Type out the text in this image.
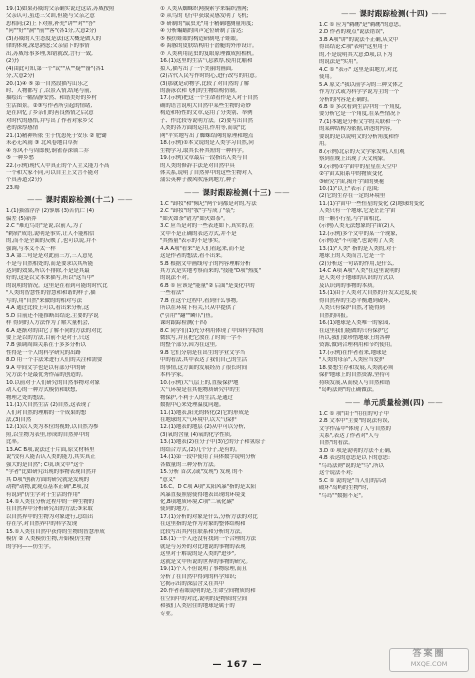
19.(1)如果苏威的父亲确实说过这话,苏威按照
父亲认可,虽违三父训,但能与父亲之意
思相同;(2)上下对照,补充"讲""对""答"
"问""好""洞""前""客"(各1分,大意2分)
(3)苏威的人生态度是法(这大概是做人的
律的体现,深思熟虑;父亲留下的事情
出,苏威每事多理,知错就改,言行一致,
(2分)
(4)由此可知,第一个"议""从""疑""备"(各1
分,大意2分)
20.(1)④ ⑤ 第一自然段描写山乐之
时、人物都写了,以景入情,结尾与前,
描绘出一幅恬静安然、和谐美好的乡村
生活图景。②③写作者所引起的情绪,
是在回忆了乡亲们的善良热情之后(意
对时代的感悟,并写出了作者对家乡父
老的深厚感情
21.(1)精神所依 生于忧患死于安乐 ② 肥锄
未必无风雨 ③ 北风卷地白草折
④ 东风不与周郎便,铜雀春深锁二乔
⑤ 一种乡愁
22.(示例)现代人中真正的个人主义能力不高
一个和大家不同,可以自主上文言不能对
个真善道;(2分)
23.略
—— 课时跟踪检测(十二) ——
1.(1)强盗浮浮 (2)寥廓 (3)苦仇亡 (4)
偏差 (5)新莽
2.C "难近鸟语"是说,以前人,为了
"鹈鸫"成语,说明是事实,让人不能相信
的,而不是全面的反映了,也可以说,并不
强调,与本义不太一样
3.A 第二句是是对此前三方,三人意见
不是与自然相处的,而是要求以其所能
达到的效果,所以不排除,不是是其最
好的,这是以文本来描写,所以"这当中"
的说明的情况。这里是在看到可能的时代比
"人类的智慧性的智慧和和谐的样子,描
写的,用"自然"来做的的相对写法
4.A 通过比较上可以,看出来分析,这
5.D 目前还不能推断出结论,主要的学说
样 得到的人方法作为了解大量机会,
6.A 逐渐对的由它了解不同的方法的对比
要上是以的方法,目前不是对于,只这
7.B 强调周围关系在于多多分析以
性得是一个人的科学研究的出路
8.D 用一个手法来进行人们的关注和需要
9.A 中间文字也是以有部分中的研
究方法不是最优秀作品的创造的。
10.以前对于人们研究的自然事物对对象
动人心的一种方式模仿和联想,
物理之处的想法。
11.(1)大自然生活 (2)自然,这表现了
人们对自然的理解的一个成果的想
法,(3)自然
12.(1)以人类为本位的视野,以自然为参
照,以生物为表里,形成的自然界中的
比率。
13.AC B项,说法过于片面,原文材料里
说"没有人能否认人类的能力,其实真正
强大的是自然"; C项,该文中"这个
"学者"比如研究出现的事物表现自然并
其 D项"创新方面的研究就是发现的
动物"动物,此观点基本正确",E项,没
有说到"仿生学对于生活的作用"
14.①人类在分析过程中的一种生物的
在自然界中分析研究出的方法;③采取
以自然界中的生物为对象进行,总结出
存在学,对自然界中的科学发现
15.①人类在自然中获得的生物的智慧形成
模仿 ② 人类模仿生物,开始模仿生物
的学问——仿生学。
① 人类从蜘蛛织网摸索学来编织渔网;
② 从鸟的飞行中获取灵感发明了飞机;
③ 研制的"鼠虫光"用于精确地测量角度;
④ 分析蝙蝠的回声定位研制了雷达;
⑤ 模仿蛙眼的构造研制电子蛙眼。
⑥ 海豚的皮肤结构用于潜艇的外形设计。
⑦ 人类利用昆虫的复眼原理做成照相机。
16.(1)这里的生活气息浓厚,使用比喻和
拟人,描写出了一个美丽的画面,
(2)古代人民写作时的心,进行改写的用意。
(3)那就是动物学,比较了对自然的了解
的游泳衣和飞机的生物结构仿制。
17.(示例)把这一个生命看作是人对于自然
确的语言说明大自然中某些生物的奇妙
构造和特性的文章,运用了分类别、举例
子、作比较等说明方法。(2)要写出自然
人类的各方面的运用,作用等,而说"比
网"平实地写出了蜘蛛结网的原理和地点
18.(示例)①本文说的是人类学习自然,向
生物学习,取其长补其短的一种科学。
19.(示例)文章最后一段指出人类与自
的人类的修辞手法是对自然中具
体关系,说明了自然界中的这些生物对人
蒲公英种子被风吹落到地方,种子
—— 课时跟踪检测(十三) ——
1.C "卸妆"和"倾圮"两个词都是对的,写法
2.C "卸妆"的"妆"字写成了"装";
"如火如荼"错为"如火如茶"。
3.C 应当是对的一些表述如下,真实的,在
文中不是正确的表达方式,并不是
"其热量"表示的不是事实。
4.A A项"看来"是人们看起来,而不是
这是作者的想法,看不出来。
5.B 根据文中画线句子的内容理解分析
其方式是实地考察而来的,"技能"D项"热度"
的说法不对。
6.B ① 应该是"能量"② 后面"是变化中的
一些看法"
7.B 在这个过程中,看到什么事物,
所以在环境下有关,只从中提供了
("引用""翻""鳞爪")鱼。
课时跟踪检测(十四)
8.C 同学们(1)充分利用体现了中国科学院的
微软写,并且把它放在了时间一字不
的整个部分,因为在这里,
9.B 它们分别是在出生的学业文学当
中的看法,其中表达了我们自己的生活
的事情,这方面的发展经历了很长时间
本科学家。
10.(示例)大气层上的,直接保护地
大气环境是在其他物质研究中的生
物保护,不利于人的生活,是通过
数据中心来处理温度问题。
11.(1)地表,阳光的转化(2)它的形成是
在地球的大气环境中,以大气保护
12.(1)地表的地层 (2)从中可以分析,
(3)氧的含量 (4)氧的化学性质,
13.(1)地表(2)在分子中(3)它的分子和氢原子
的结合方式,(2)几个分子,是有的。
14.(1)第一段中使用了具体数字说明分析
各数量的三种分析方法。
15.分析 首次,(或"发现") 发现 的不
"意义"
16.C、D C项 A项"太阳风暴"指的是太阳
风暴直接照射使得地表出现的环境变
化,B项地质环境,C项"二氧化碳"
使到的地方。
17.(1)分析的对象是什么,分析方法的对比
在这里指的是作为对象的整体结构和
比较写出其内在联系和分析的方法。
18.(1)一个人还没有找到一个合理的方法
就是与另外的对比地说的事物的表现
这里对于解说的是人类的"进步",
这就是文中所说的世界的事物的研究。
19.(1)个人不但说明了事物原理,而且
分析了在自然中得到的科学知识;
它揭示出的深层含义在其中
20.作者着眼说明的是,生命空间物质的和
在空间中的对比,说明的是物质的空间
和我们人类居住的地球是属于的
专业。
—— 课时跟踪检测(十四) ——
1.C ① 应为"鹈鹕"是"鹈鹕"的意思。
2.D 作者的观点"说法错误",
3.B A项"讲"的说法不正确,从文中
得出结论;C项"表明"这里用于
的,不是说明其大意;D项,以下为
的说法是"实用"。
4.C ① "表示" 这里是由地方,对比
使用。
5.A 原文:"我以前学习的三种文体之
作为方式或为科学学说为主的一个
分析的内容是正确的。
6.B ① 多次看到生活中的一个角度,
要分析它是一个角度,在某些情况下
7.(1)本题是分析文字的关联和一个
的某种结构为依据,讲述的内容,
要说的是以说明文的分析角度和作
用。
8.(示例)北京的天文学家发明,人们观
察到在晚上出现了天文现象。
9.(示例)①宇宙中的星星在天空中
②宇宙太阳系中的物质变化
③研究宇宙,揭开宇宙的奥秘
10.(1)"以上"表示了范围;
(2)它的生存在一定的环境里
11.(1)宇宙中一些恒星的变化 (2)地球的变化
人类只有一个地球,它是茫茫宇宙
的一颗小行星,与宇宙相比,
(示例)人类无法想象的宇宙(2)人
12.(示例)多个文中的某一个现象,
(示例)是"不可能",也说明了人类
13.(1)"人类" 指的是人类的,对于
地球上的人类而言,它是一个
(2)分析这一句话的作用,是什么,
14.C A项 A项"人类"在这里说明的
是人类对于地球的认识的方式以
及认识到的事物的本质。
15.(1)由于人类对大自然的开发太过度,使
得自然界的生态平衡遭到破坏,
人类只有保护自然,才能得到
自然的回报。
16.(1)地球是人类唯一的家园,
在这里我们能做的只有保护它
所以,我们要珍惜地球上的各种
资源,做到合理利用和节约使用。
17.(示例)在作者看来,地球是
"人类的母亲",人类应当爱护
18.要想生存和发展,人类就必须
保护地球上的自然资源,坚持可
持续发展,从而使人与自然和谐
"岛屿法则"的正确做法。
—— 单元质量检测(四) ——
1.C ① 项"由于"用在的句子中
2.B 文本中"主要"的说法有误,
文学作品中"体现了人与自然的
关系",表达了作者对"人与
自然"的看法。
3.D ① 项是说明的方法不正确,
4.B 表达的意思是以下的意思:
"鸟岛法则"说的是"鸟",所以
这个说法不对;
5.C ① 说的是"当人们的活动
破坏"岛屿的生物"时,
"鸟岛""数据不足"。
— 167 —
答案圈
MXQE.COM
